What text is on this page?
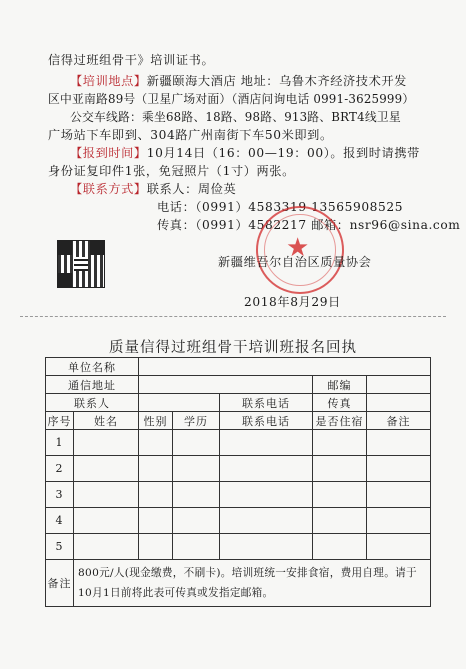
信得过班组骨干》培训证书。
【培训地点】新疆颐海大酒店 地址：乌鲁木齐经济技术开发
区中亚南路89号（卫星广场对面）（酒店问询电话 0991-3625999）
公交车线路：乘坐68路、18路、98路、913路、BRT4线卫星
广场站下车即到、304路广州南街下车50米即到。
【报到时间】10月14日（16：00—19：00）。报到时请携带
身份证复印件1张，免冠照片（1寸）两张。
【联系方式】联系人：周俭英
电话：（0991）4583319 13565908525
传真：（0991）4582217 邮箱：nsr96@sina.com
★
新疆维吾尔自治区质量协会
2018年8月29日
质量信得过班组骨干培训班报名回执
单位名称						
通信地址					邮编	
联系人				联系电话	传真	
序号	姓名	性别	学历	联系电话	是否住宿	备注
1						
2						
3						
4						
5						
备注	800元/人(现金缴费，不刷卡)。培训班统一安排食宿，费用自理。请于10月1日前将此表可传真或发指定邮箱。					
